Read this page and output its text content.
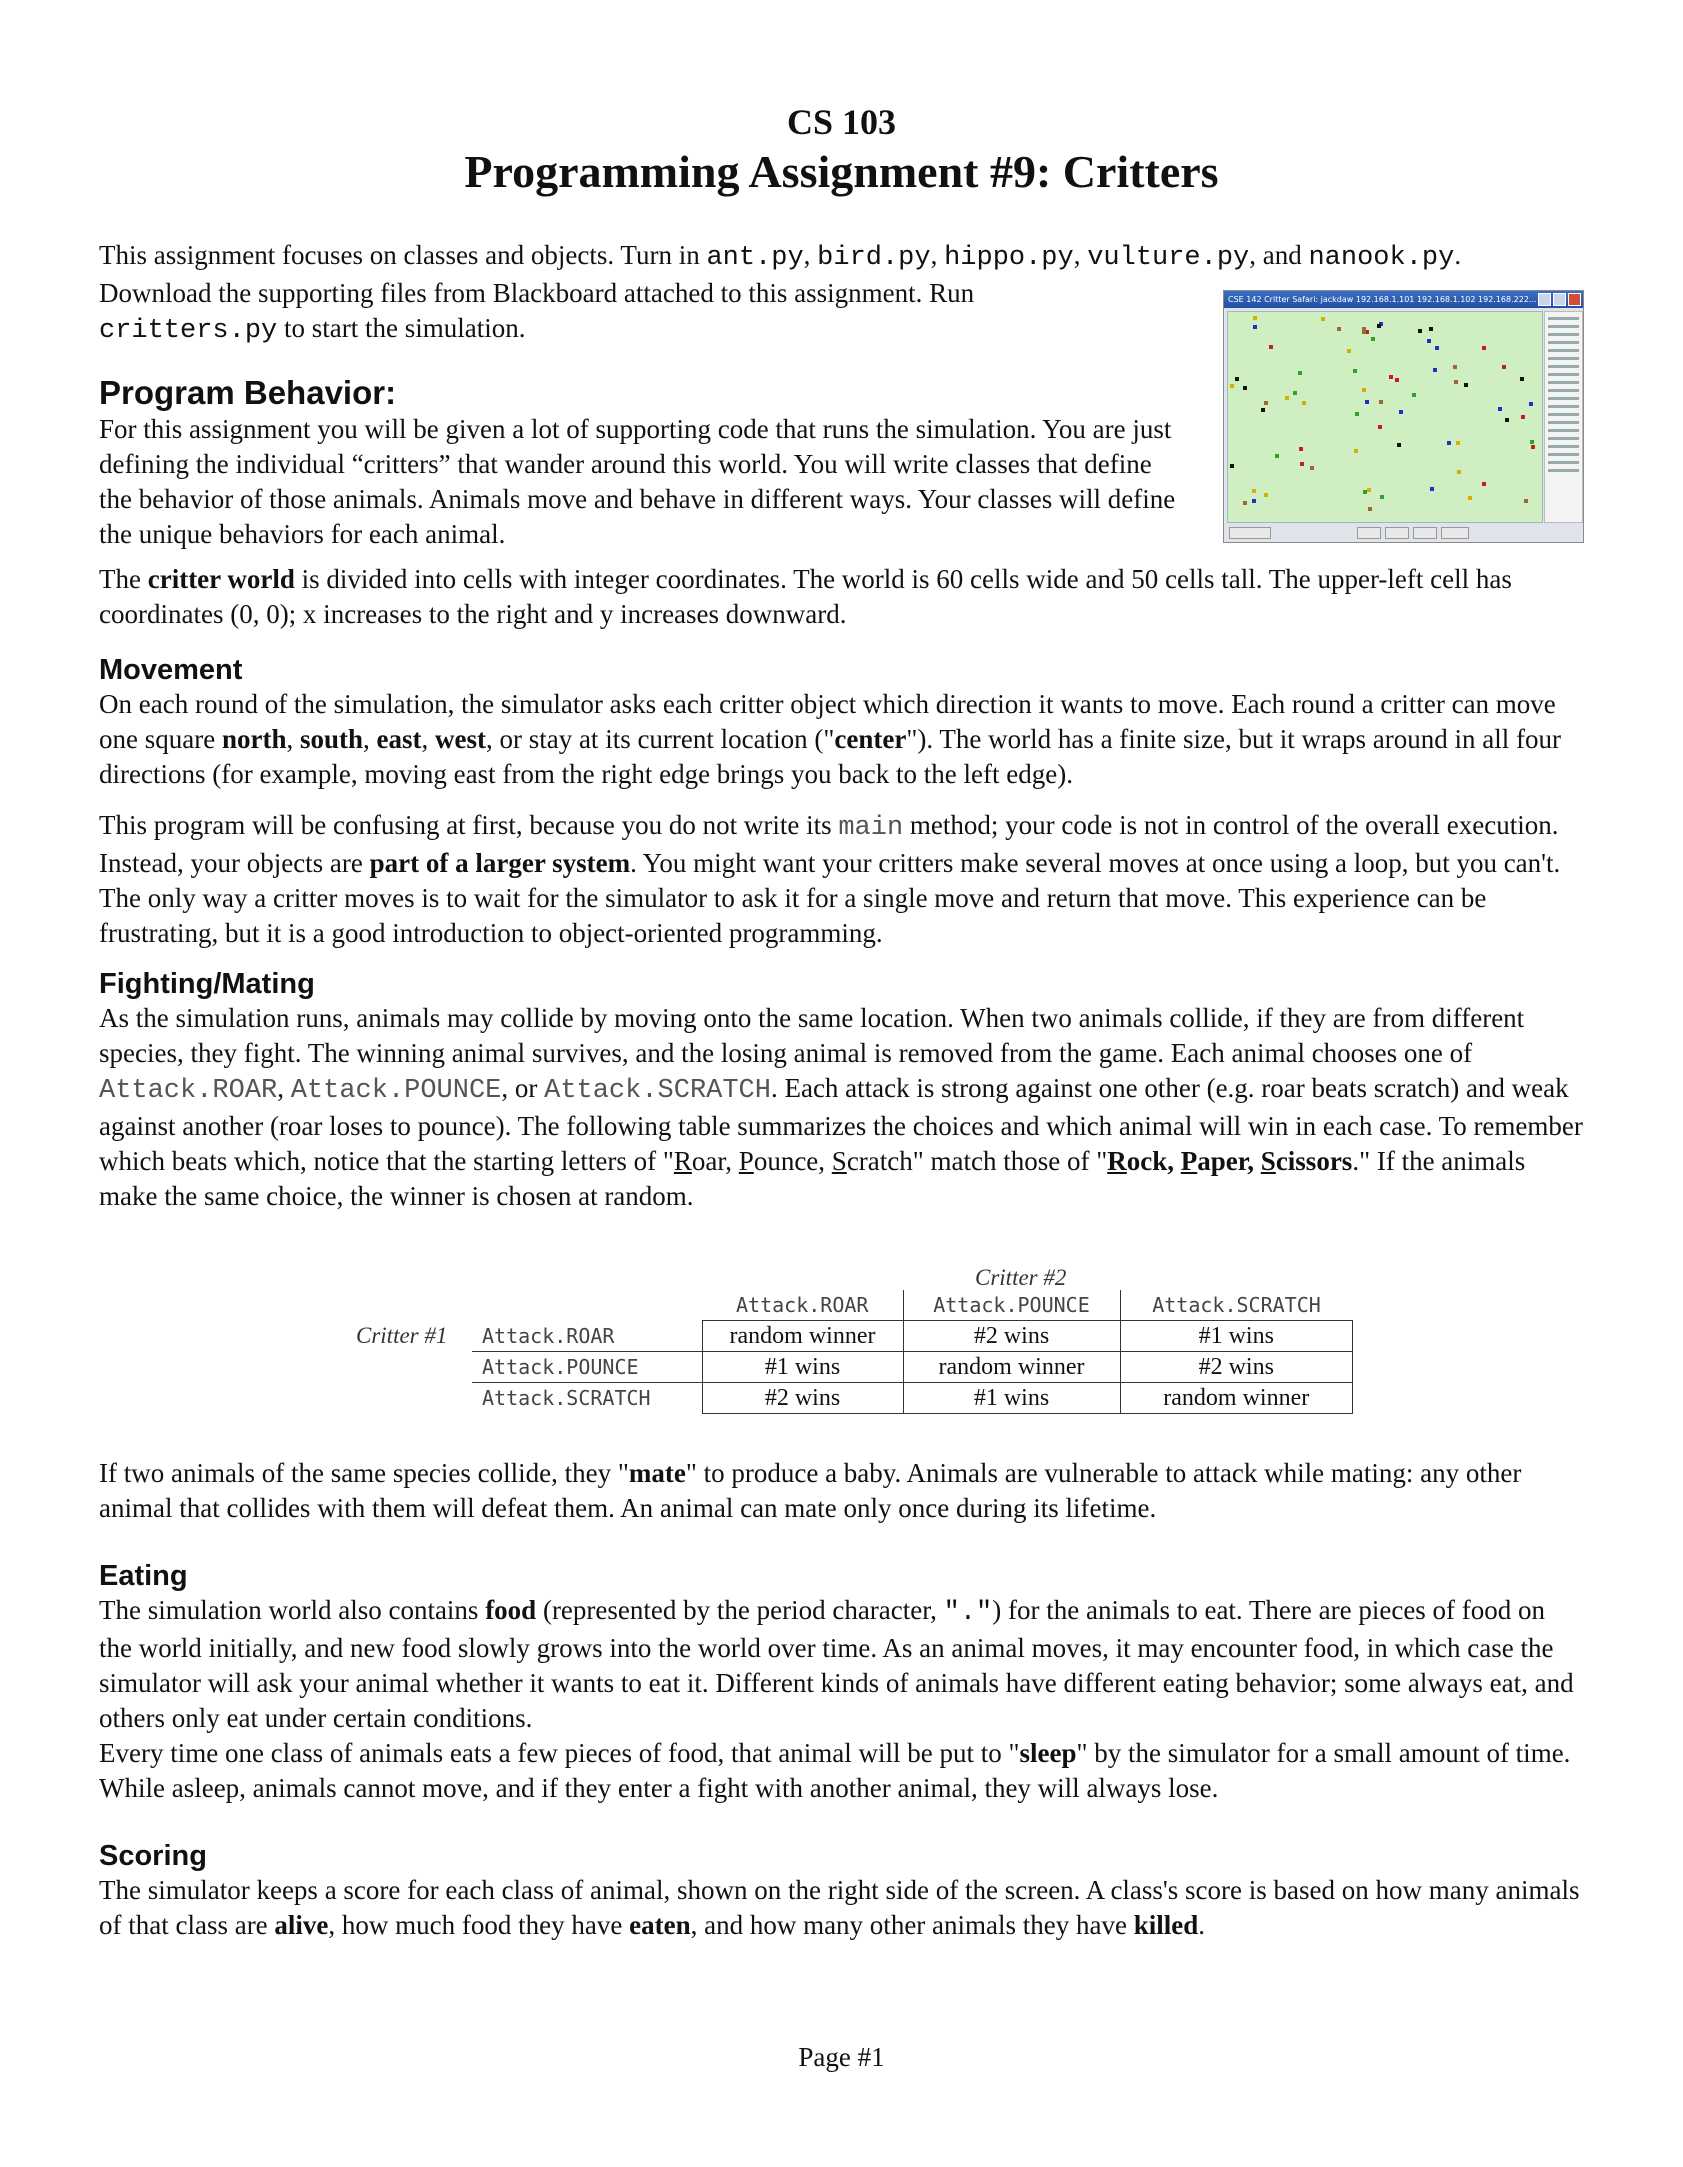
CS 103
Programming Assignment #9: Critters

This assignment focuses on classes and objects. Turn in ant.py, bird.py, hippo.py, vulture.py, and nanook.py.

Download the supporting files from Blackboard attached to this assignment. Run
critters.py to start the simulation.

CSE 142 Critter Safari: jackdaw 192.168.1.101 192.168.1.102 192.168.222...
Program Behavior:

For this assignment you will be given a lot of supporting code that runs the simulation. You are just defining the individual “critters” that wander around this world. You will write classes that define the behavior of those animals. Animals move and behave in different ways. Your classes will define the unique behaviors for each animal.

The critter world is divided into cells with integer coordinates. The world is 60 cells wide and 50 cells tall. The upper-left cell has coordinates (0, 0); x increases to the right and y increases downward.

Movement

On each round of the simulation, the simulator asks each critter object which direction it wants to move. Each round a critter can move one square north, south, east, west, or stay at its current location ("center"). The world has a finite size, but it wraps around in all four directions (for example, moving east from the right edge brings you back to the left edge).

This program will be confusing at first, because you do not write its main method; your code is not in control of the overall execution. Instead, your objects are part of a larger system. You might want your critters make several moves at once using a loop, but you can't. The only way a critter moves is to wait for the simulator to ask it for a single move and return that move. This experience can be frustrating, but it is a good introduction to object-oriented programming.

Fighting/Mating

As the simulation runs, animals may collide by moving onto the same location. When two animals collide, if they are from different species, they fight. The winning animal survives, and the losing animal is removed from the game. Each animal chooses one of Attack.ROAR, Attack.POUNCE, or Attack.SCRATCH. Each attack is strong against one other (e.g. roar beats scratch) and weak against another (roar loses to pounce). The following table summarizes the choices and which animal will win in each case. To remember which beats which, notice that the starting letters of "Roar, Pounce, Scratch" match those of "Rock, Paper, Scissors." If the animals make the same choice, the winner is chosen at random.

Critter #2
Critter #1
	Attack.ROAR	Attack.POUNCE	Attack.SCRATCH
Attack.ROAR	random winner	#2 wins	#1 wins
Attack.POUNCE	#1 wins	random winner	#2 wins
Attack.SCRATCH	#2 wins	#1 wins	random winner

If two animals of the same species collide, they "mate" to produce a baby. Animals are vulnerable to attack while mating: any other animal that collides with them will defeat them. An animal can mate only once during its lifetime.

Eating

The simulation world also contains food (represented by the period character, ".") for the animals to eat. There are pieces of food on the world initially, and new food slowly grows into the world over time. As an animal moves, it may encounter food, in which case the simulator will ask your animal whether it wants to eat it. Different kinds of animals have different eating behavior; some always eat, and others only eat under certain conditions.

Every time one class of animals eats a few pieces of food, that animal will be put to "sleep" by the simulator for a small amount of time. While asleep, animals cannot move, and if they enter a fight with another animal, they will always lose.

Scoring

The simulator keeps a score for each class of animal, shown on the right side of the screen. A class's score is based on how many animals of that class are alive, how much food they have eaten, and how many other animals they have killed.

Page #1
